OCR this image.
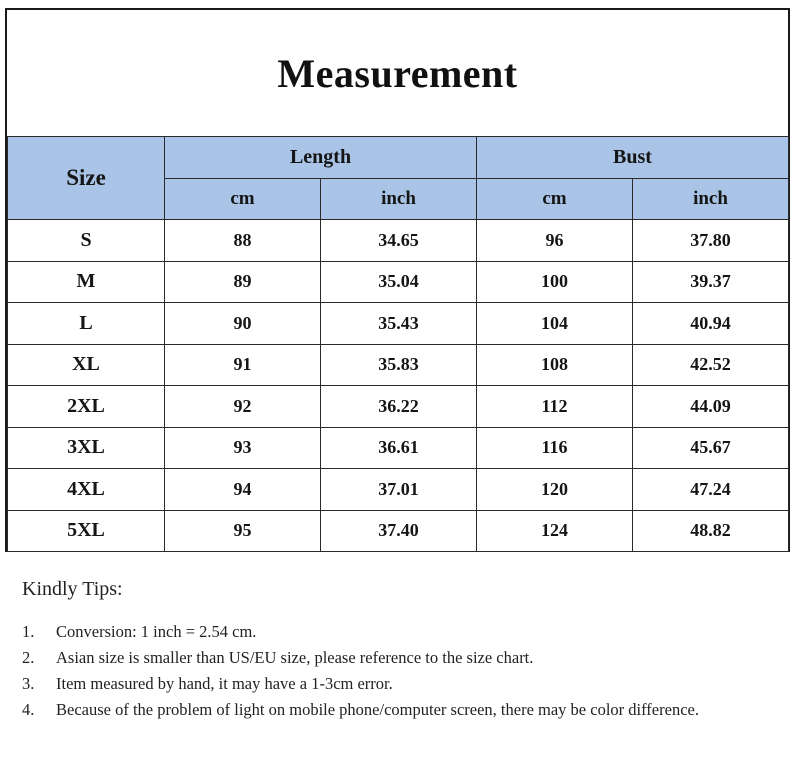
Measurement
Size	Length		Bust	
	cm	inch	cm	inch
S	88	34.65	96	37.80
M	89	35.04	100	39.37
L	90	35.43	104	40.94
XL	91	35.83	108	42.52
2XL	92	36.22	112	44.09
3XL	93	36.61	116	45.67
4XL	94	37.01	120	47.24
5XL	95	37.40	124	48.82
Kindly Tips:
1.	Conversion: 1 inch = 2.54 cm.
2.	Asian size is smaller than US/EU size, please reference to the size chart.
3.	Item measured by hand, it may have a 1-3cm error.
4.	Because of the problem of light on mobile phone/computer screen, there may be color difference.
